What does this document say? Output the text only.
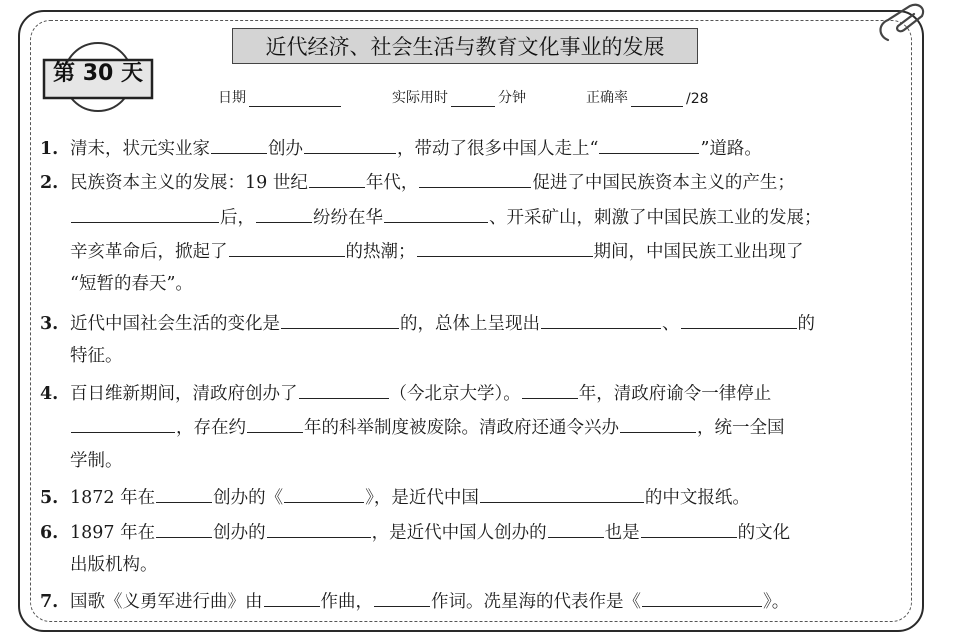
近代经济、社会生活与教育文化事业的发展
第 30 天
日期	实际用时	分钟	正确率	/28
1. 清末，状元实业家	创办	，带动了很多中国人走上“	”道路。
2. 民族资本主义的发展：19 世纪	年代，	促进了中国民族资本主义的产生；
后，	纷纷在华	、开采矿山，刺激了中国民族工业的发展；
辛亥革命后，掀起了	的热潮；	期间，中国民族工业出现了
“短暂的春天”。
3. 近代中国社会生活的变化是	的，总体上呈现出	、	的
特征。
4. 百日维新期间，清政府创办了	（今北京大学）。	年，清政府谕令一律停止
，存在约	年的科举制度被废除。清政府还通令兴办	，统一全国
学制。
5. 1872 年在	创办的《	》，是近代中国	的中文报纸。
6. 1897 年在	创办的	，是近代中国人创办的	也是	的文化
出版机构。
7. 国歌《义勇军进行曲》由	作曲，	作词。冼星海的代表作是《	》。
